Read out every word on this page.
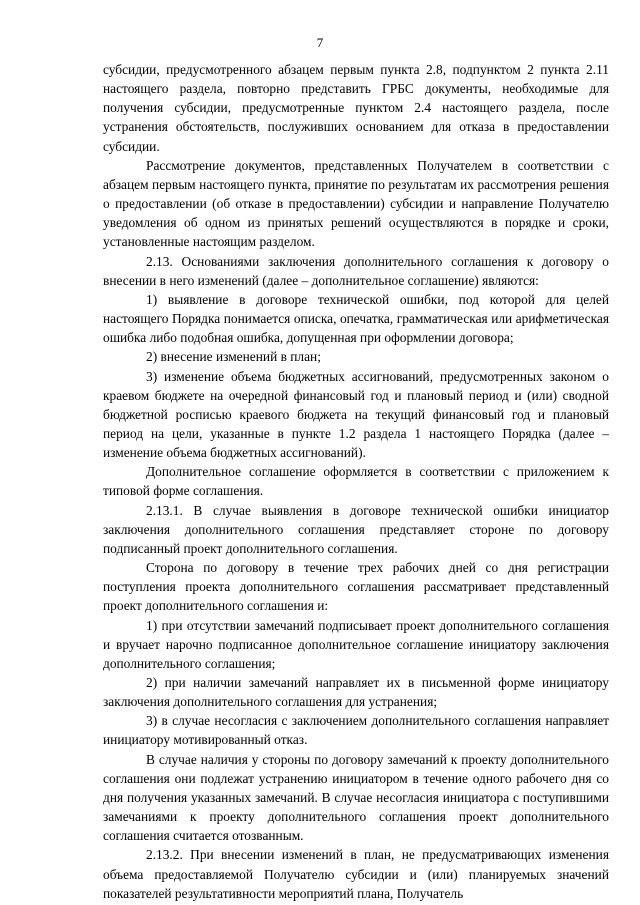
7

субсидии, предусмотренного абзацем первым пункта 2.8, подпунктом 2 пункта 2.11 настоящего раздела, повторно представить ГРБС документы, необходимые для получения субсидии, предусмотренные пунктом 2.4 настоящего раздела, после устранения обстоятельств, послуживших основанием для отказа в предоставлении субсидии.

Рассмотрение документов, представленных Получателем в соответствии с абзацем первым настоящего пункта, принятие по результатам их рассмотрения решения о предоставлении (об отказе в предоставлении) субсидии и направление Получателю уведомления об одном из принятых решений осуществляются в порядке и сроки, установленные настоящим разделом.

2.13. Основаниями заключения дополнительного соглашения к договору о внесении в него изменений (далее – дополнительное соглашение) являются:

1) выявление в договоре технической ошибки, под которой для целей настоящего Порядка понимается описка, опечатка, грамматическая или арифметическая ошибка либо подобная ошибка, допущенная при оформлении договора;

2) внесение изменений в план;

3) изменение объема бюджетных ассигнований, предусмотренных законом о краевом бюджете на очередной финансовый год и плановый период и (или) сводной бюджетной росписью краевого бюджета на текущий финансовый год и плановый период на цели, указанные в пункте 1.2 раздела 1 настоящего Порядка (далее – изменение объема бюджетных ассигнований).

Дополнительное соглашение оформляется в соответствии с приложением к типовой форме соглашения.

2.13.1. В случае выявления в договоре технической ошибки инициатор заключения дополнительного соглашения представляет стороне по договору подписанный проект дополнительного соглашения.

Сторона по договору в течение трех рабочих дней со дня регистрации поступления проекта дополнительного соглашения рассматривает представленный проект дополнительного соглашения и:

1) при отсутствии замечаний подписывает проект дополнительного соглашения и вручает нарочно подписанное дополнительное соглашение инициатору заключения дополнительного соглашения;

2) при наличии замечаний направляет их в письменной форме инициатору заключения дополнительного соглашения для устранения;

3) в случае несогласия с заключением дополнительного соглашения направляет инициатору мотивированный отказ.

В случае наличия у стороны по договору замечаний к проекту дополнительного соглашения они подлежат устранению инициатором в течение одного рабочего дня со дня получения указанных замечаний. В случае несогласия инициатора с поступившими замечаниями к проекту дополнительного соглашения проект дополнительного соглашения считается отозванным.

2.13.2. При внесении изменений в план, не предусматривающих изменения объема предоставляемой Получателю субсидии и (или) планируемых значений показателей результативности мероприятий плана, Получатель
